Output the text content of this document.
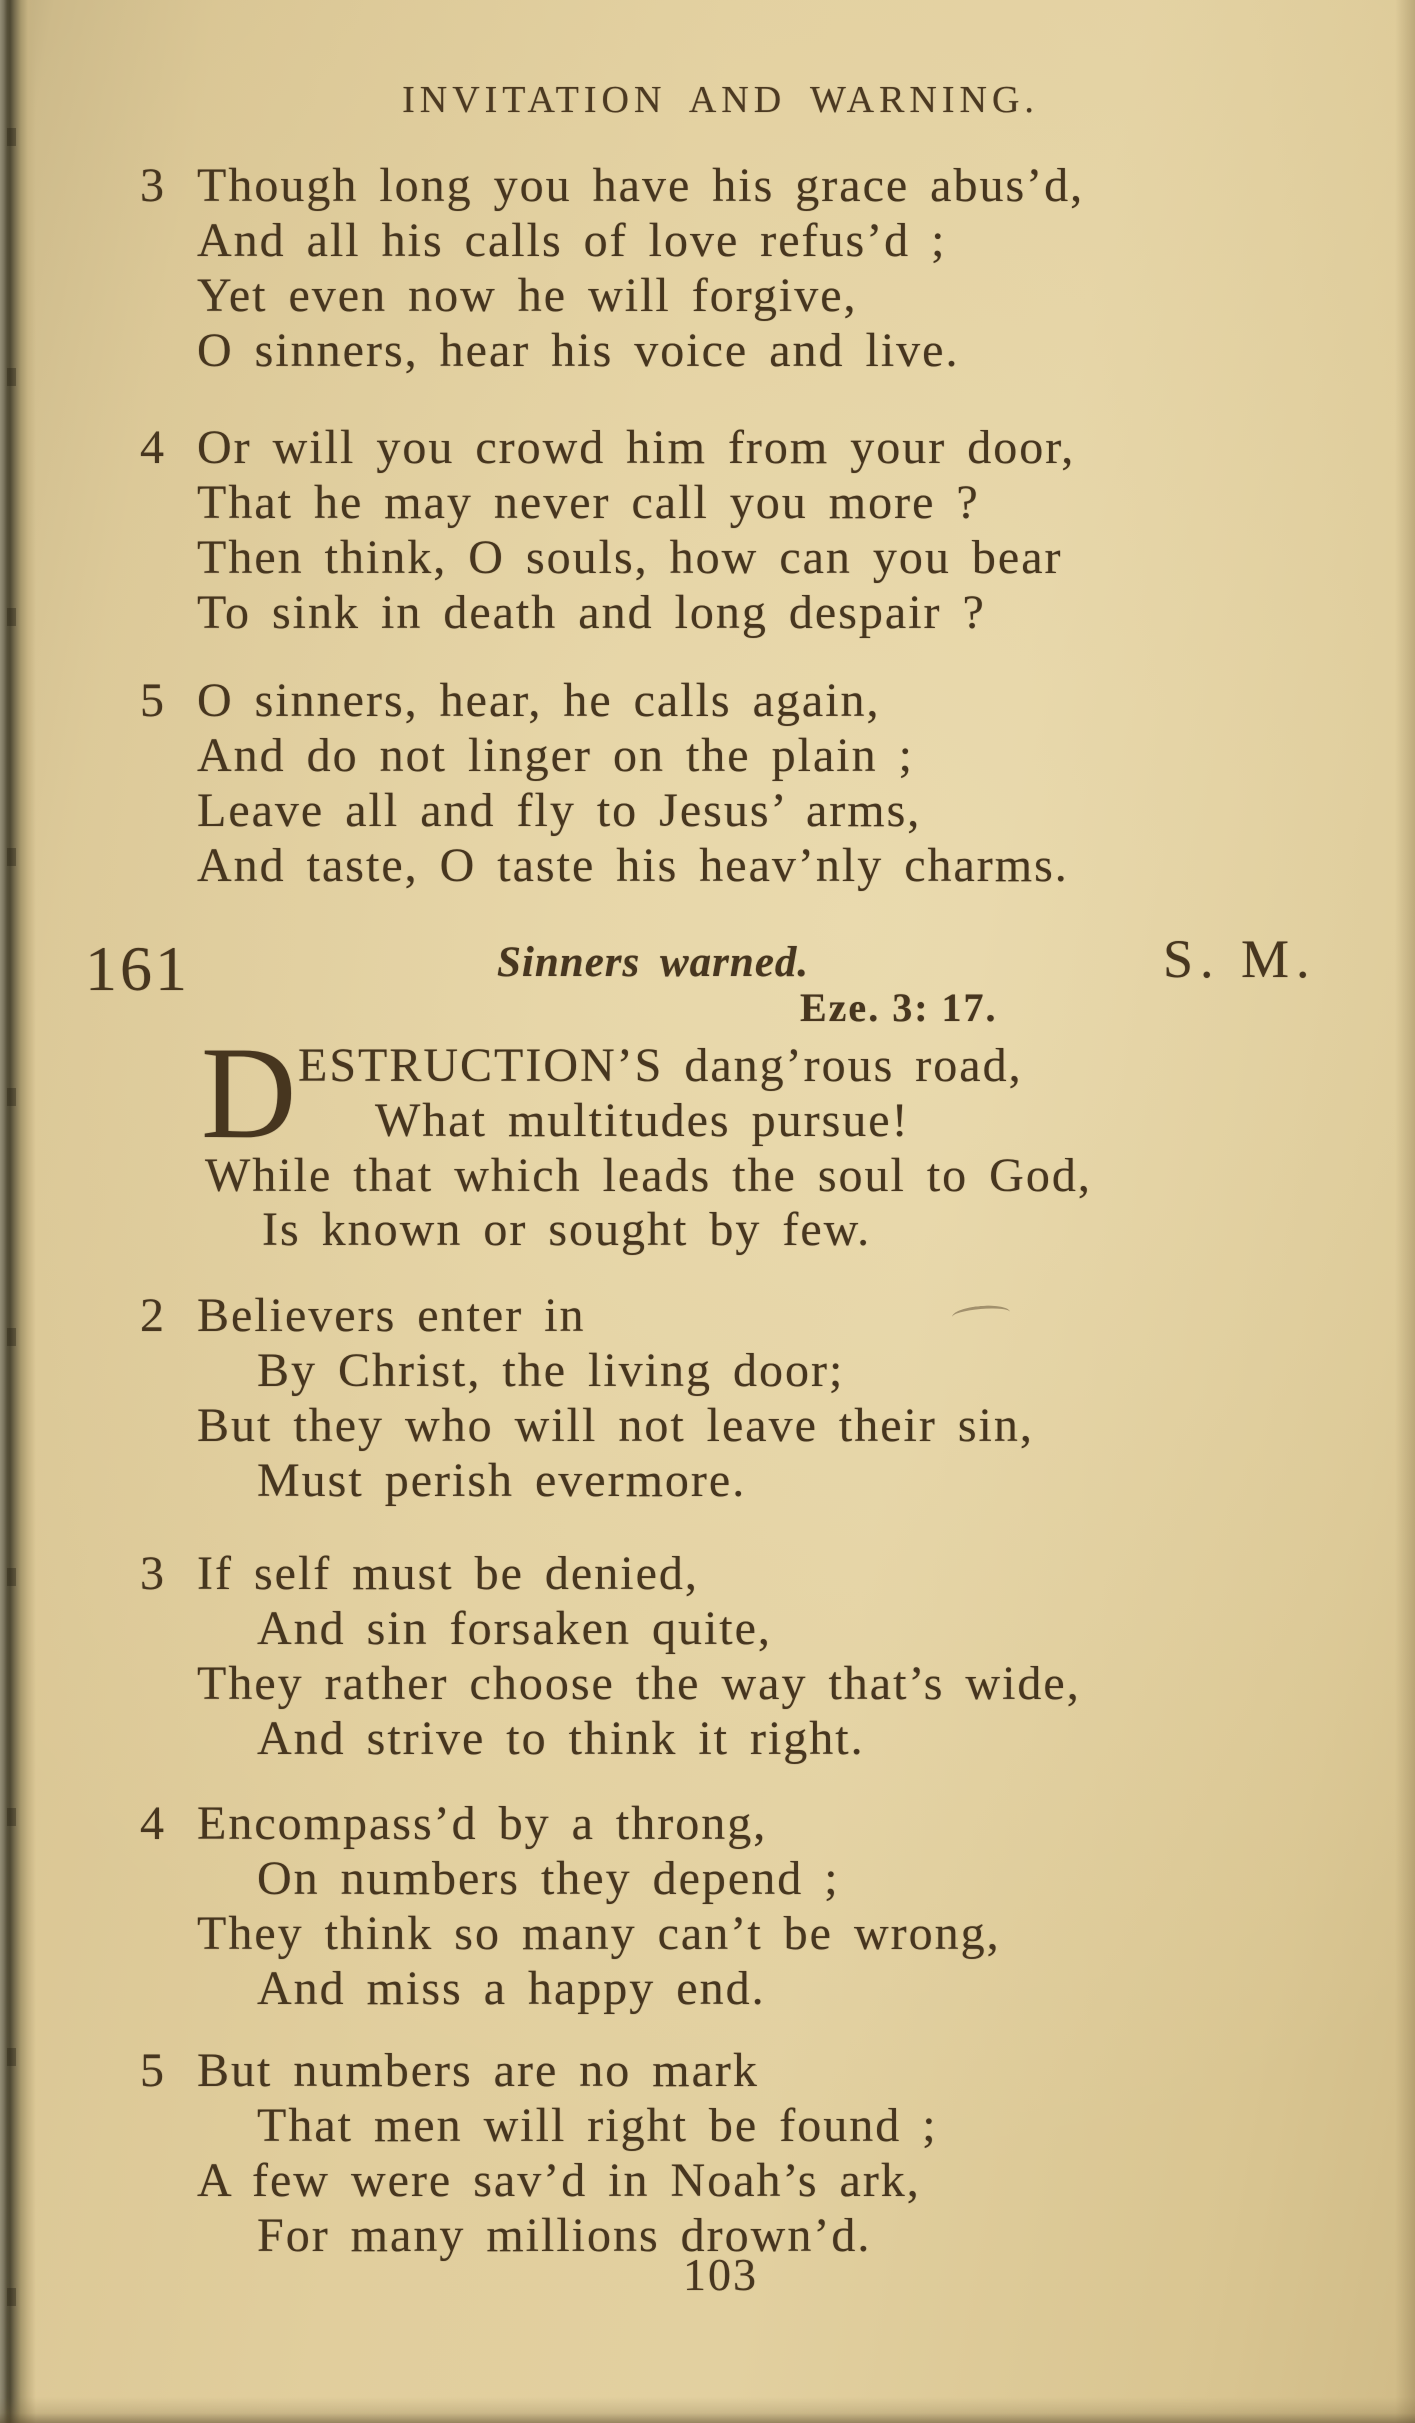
INVITATION AND WARNING.
3 Though long you have his grace abus’d,
And all his calls of love refus’d ;
Yet even now he will forgive,
O sinners, hear his voice and live.
4 Or will you crowd him from your door,
That he may never call you more ?
Then think, O souls, how can you bear
To sink in death and long despair ?
5 O sinners, hear, he calls again,
And do not linger on the plain ;
Leave all and fly to Jesus’ arms,
And taste, O taste his heav’nly charms.
161	Sinners warned.
Eze. 3: 17.
S. M.
D ESTRUCTION’S dang’rous road,
What multitudes pursue!
While that which leads the soul to God,
Is known or sought by few.
2 Believers enter in
By Christ, the living door;
But they who will not leave their sin,
Must perish evermore.
3 If self must be denied,
And sin forsaken quite,
They rather choose the way that’s wide,
And strive to think it right.
4 Encompass’d by a throng,
On numbers they depend ;
They think so many can’t be wrong,
And miss a happy end.
5 But numbers are no mark
That men will right be found ;
A few were sav’d in Noah’s ark,
For many millions drown’d.
103
